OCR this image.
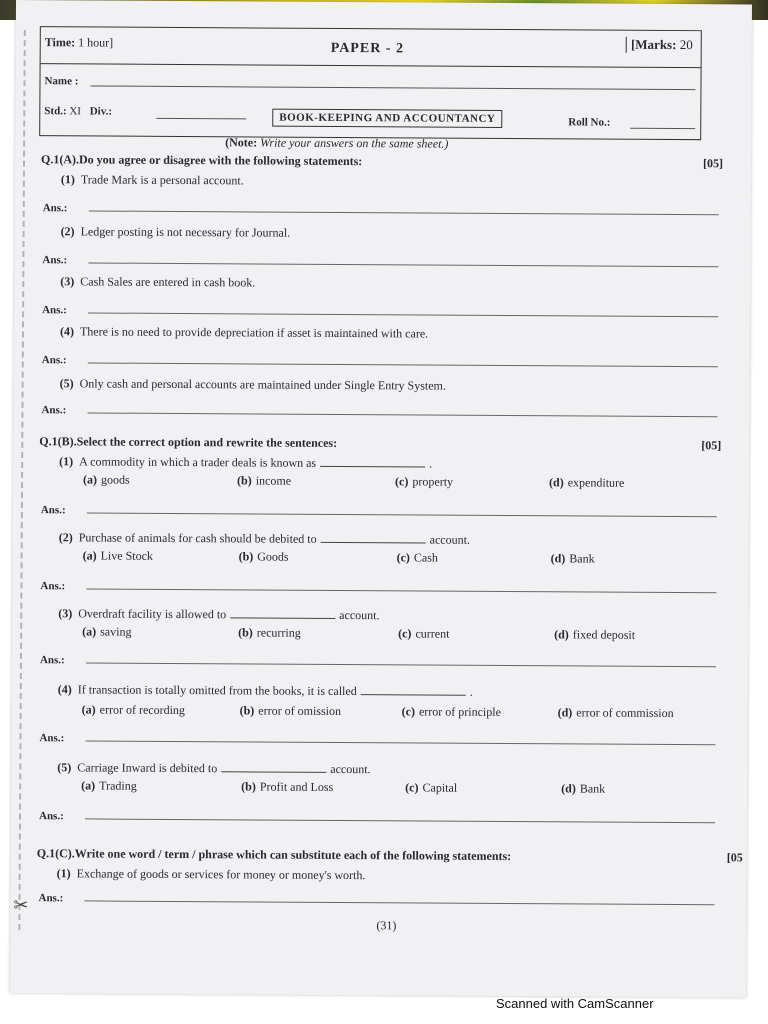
✂
Time: 1 hour]	PAPER - 2	[Marks: 20
Name :
Std.: XI Div.:
BOOK-KEEPING AND ACCOUNTANCY	Roll No.:
(Note: Write your answers on the same sheet.)
Q.1(A).Do you agree or disagree with the following statements:	[05]
(1) Trade Mark is a personal account.
Ans.:
(2) Ledger posting is not necessary for Journal.
Ans.:
(3) Cash Sales are entered in cash book.
Ans.:
(4) There is no need to provide depreciation if asset is maintained with care.
Ans.:
(5) Only cash and personal accounts are maintained under Single Entry System.
Ans.:
Q.1(B).Select the correct option and rewrite the sentences:	[05]
(1) A commodity in which a trader deals is known as	.
(a) goods	(b) income	(c) property	(d) expenditure
Ans.:
(2) Purchase of animals for cash should be debited to	account.
(a) Live Stock	(b) Goods	(c) Cash	(d) Bank
Ans.:
(3) Overdraft facility is allowed to	account.
(a) saving	(b) recurring	(c) current	(d) fixed deposit
Ans.:
(4) If transaction is totally omitted from the books, it is called	.
(a) error of recording	(b) error of omission	(c) error of principle	(d) error of commission
Ans.:
(5) Carriage Inward is debited to	account.
(a) Trading	(b) Profit and Loss	(c) Capital	(d) Bank
Ans.:
Q.1(C).Write one word / term / phrase which can substitute each of the following statements:	[05
(1) Exchange of goods or services for money or money's worth.
Ans.:
(31)
Scanned with CamScanner
